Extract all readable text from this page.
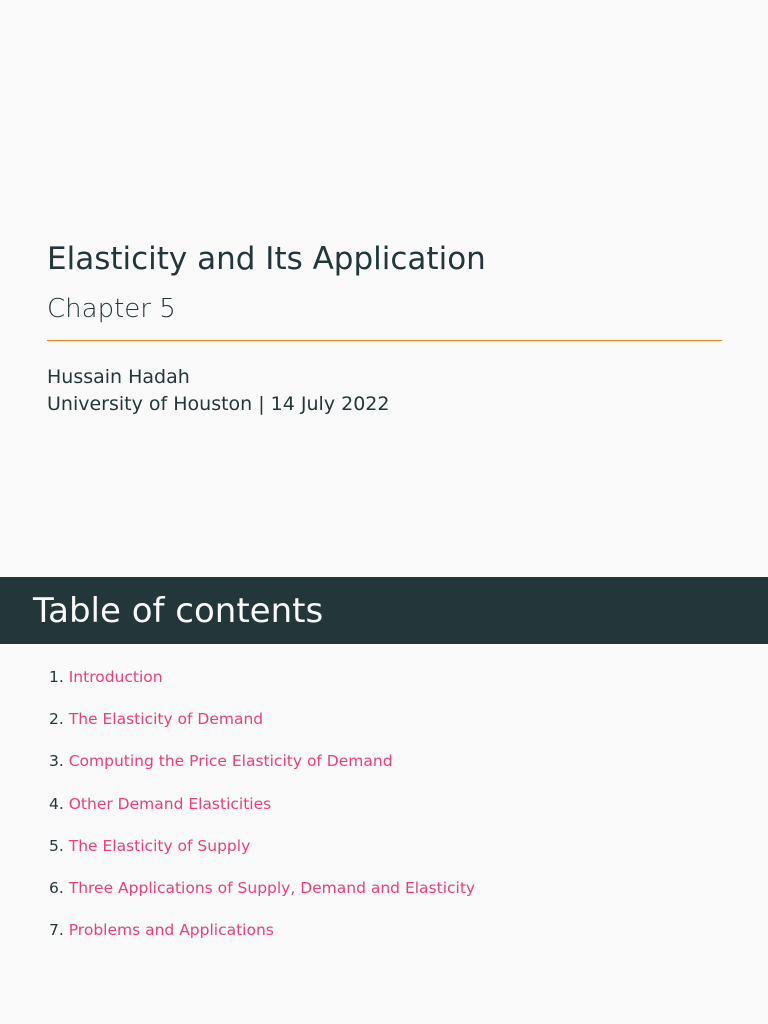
Elasticity and Its Application
Chapter 5
Hussain Hadah
University of Houston | 14 July 2022
Table of contents
1. Introduction
2. The Elasticity of Demand
3. Computing the Price Elasticity of Demand
4. Other Demand Elasticities
5. The Elasticity of Supply
6. Three Applications of Supply, Demand and Elasticity
7. Problems and Applications
